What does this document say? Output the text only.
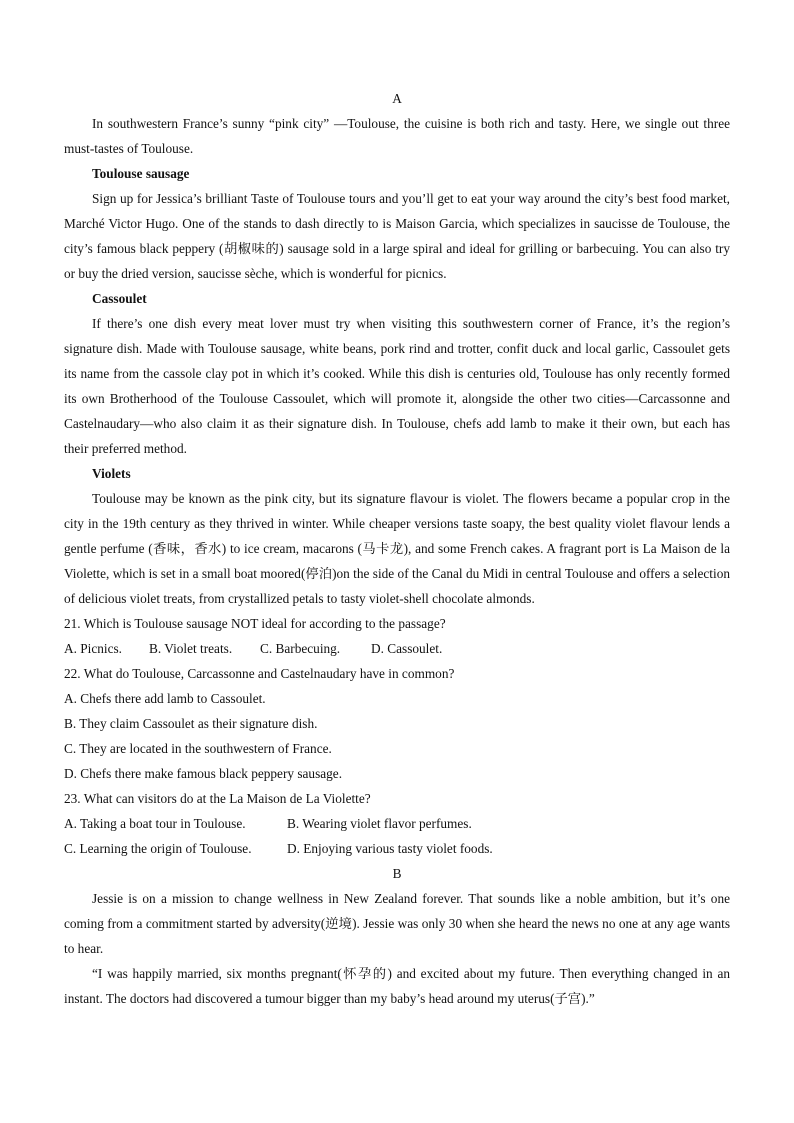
A
In southwestern France’s sunny “pink city” —Toulouse, the cuisine is both rich and tasty. Here, we single out three must-tastes of Toulouse.
Toulouse sausage
Sign up for Jessica’s brilliant Taste of Toulouse tours and you’ll get to eat your way around the city’s best food market, Marché Victor Hugo. One of the stands to dash directly to is Maison Garcia, which specializes in saucisse de Toulouse, the city’s famous black peppery (胡椒味的) sausage sold in a large spiral and ideal for grilling or barbecuing. You can also try or buy the dried version, saucisse sèche, which is wonderful for picnics.
Cassoulet
If there’s one dish every meat lover must try when visiting this southwestern corner of France, it’s the region’s signature dish. Made with Toulouse sausage, white beans, pork rind and trotter, confit duck and local garlic, Cassoulet gets its name from the cassole clay pot in which it’s cooked. While this dish is centuries old, Toulouse has only recently formed its own Brotherhood of the Toulouse Cassoulet, which will promote it, alongside the other two cities—Carcassonne and Castelnaudary—who also claim it as their signature dish. In Toulouse, chefs add lamb to make it their own, but each has their preferred method.
Violets
Toulouse may be known as the pink city, but its signature flavour is violet. The flowers became a popular crop in the city in the 19th century as they thrived in winter. While cheaper versions taste soapy, the best quality violet flavour lends a gentle perfume (香味，香水) to ice cream, macarons (马卡龙), and some French cakes. A fragrant port is La Maison de la Violette, which is set in a small boat moored(停泊)on the side of the Canal du Midi in central Toulouse and offers a selection of delicious violet treats, from crystallized petals to tasty violet-shell chocolate almonds.
21. Which is Toulouse sausage NOT ideal for according to the passage?
A. Picnics. B. Violet treats. C. Barbecuing. D. Cassoulet.
22. What do Toulouse, Carcassonne and Castelnaudary have in common?
A. Chefs there add lamb to Cassoulet.
B. They claim Cassoulet as their signature dish.
C. They are located in the southwestern of France.
D. Chefs there make famous black peppery sausage.
23. What can visitors do at the La Maison de La Violette?
A. Taking a boat tour in Toulouse.	B. Wearing violet flavor perfumes.
C. Learning the origin of Toulouse.	D. Enjoying various tasty violet foods.
B
Jessie is on a mission to change wellness in New Zealand forever. That sounds like a noble ambition, but it’s one coming from a commitment started by adversity(逆境). Jessie was only 30 when she heard the news no one at any age wants to hear.
“I was happily married, six months pregnant(怀孕的) and excited about my future. Then everything changed in an instant. The doctors had discovered a tumour bigger than my baby’s head around my uterus(子宫).”
